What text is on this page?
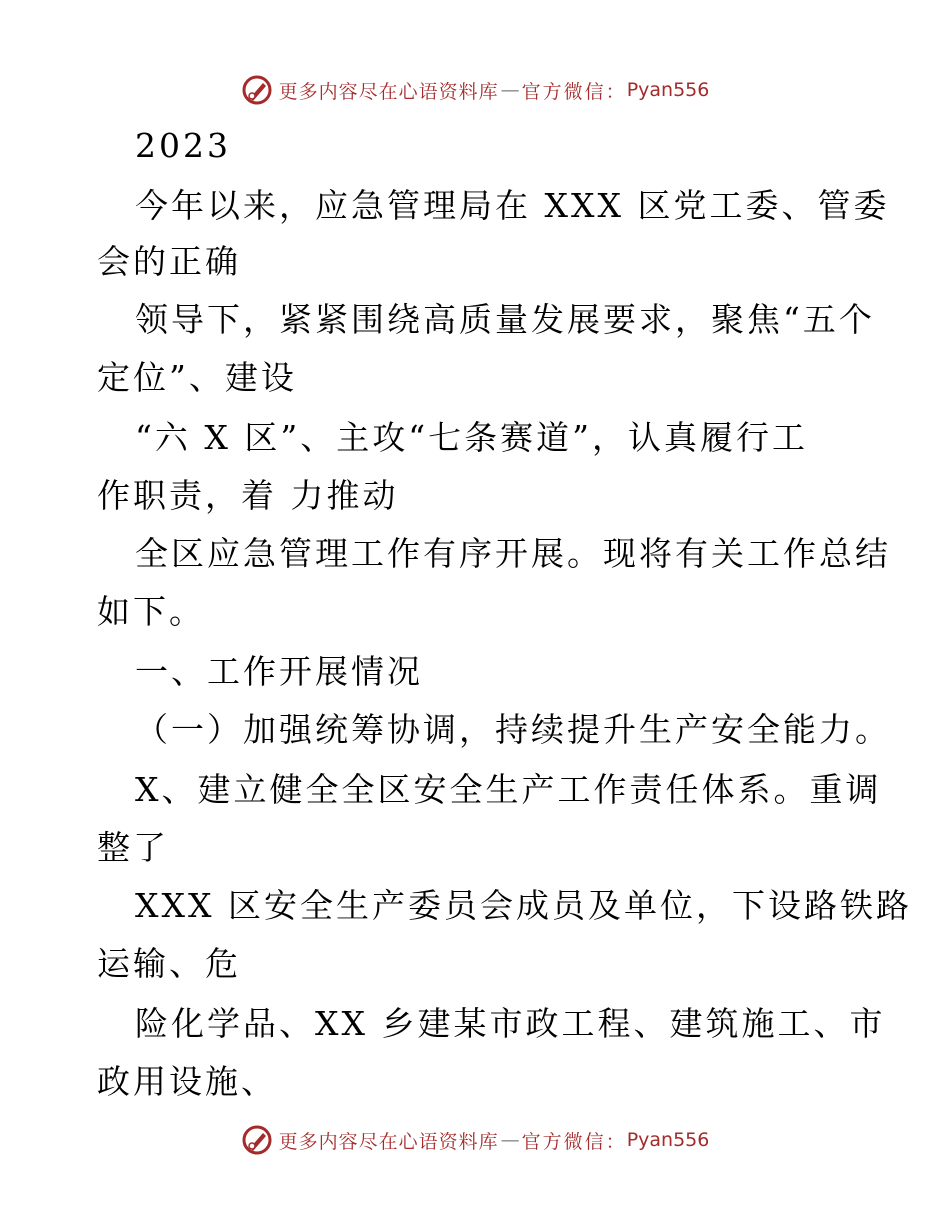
更多内容尽在心语资料库 — 官方微信： Pyan556
2023
今年以来，应急管理局在 XXX 区党工委、管委
会的正确
领导下，紧紧围绕高质量发展要求，聚焦“五个
定位”、建设
“六 X 区”、主攻“七条赛道”，认真履行工
作职责，着 力推动
全区应急管理工作有序开展。现将有关工作总结
如下。
一、工作开展情况
（一）加强统筹协调，持续提升生产安全能力。
X、建立健全全区安全生产工作责任体系。重调
整了
XXX 区安全生产委员会成员及单位，下设路铁路
运输、危
险化学品、XX 乡建某市政工程、建筑施工、市
政用设施、
更多内容尽在心语资料库 — 官方微信： Pyan556
